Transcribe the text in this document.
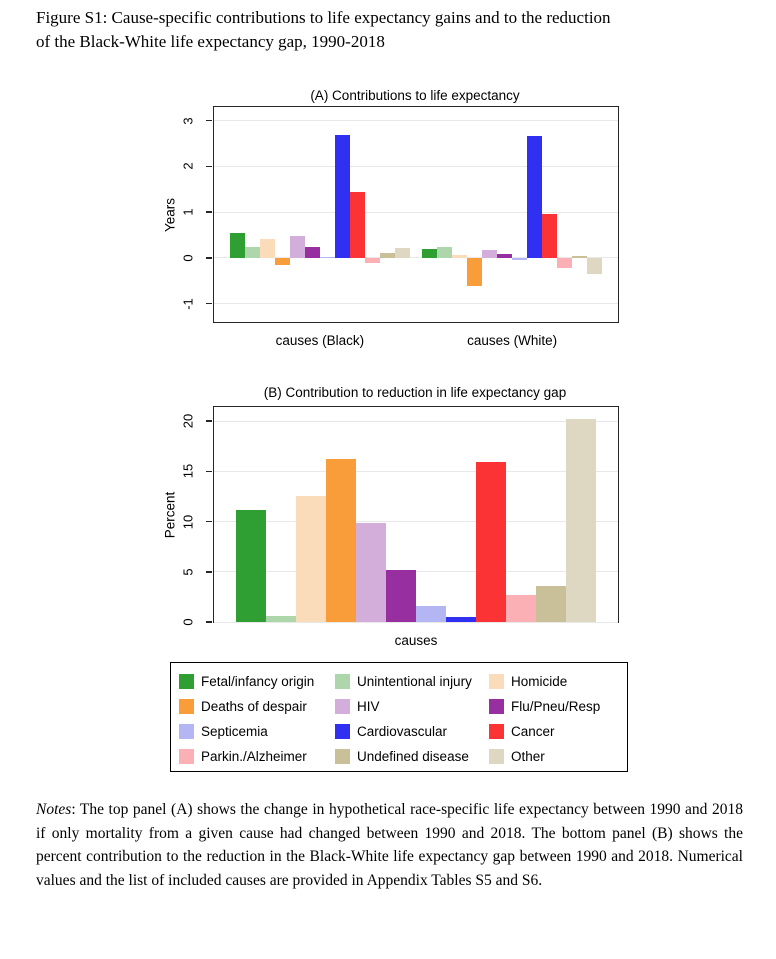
Figure S1: Cause-specific contributions to life expectancy gains and to the reduction
of the Black-White life expectancy gap, 1990-2018
(A) Contributions to life expectancy
3
2
1
0
-1
Years
causes (Black)	causes (White)
(B) Contribution to reduction in life expectancy gap
20
15
10
5
0
Percent
causes
Fetal/infancy origin	Unintentional injury	Homicide
Deaths of despair	HIV	Flu/Pneu/Resp
Septicemia	Cardiovascular	Cancer
Parkin./Alzheimer	Undefined disease	Other
Notes: The top panel (A) shows the change in hypothetical race-specific life expectancy between 1990 and 2018 if only mortality from a given cause had changed between 1990 and 2018. The bottom panel (B) shows the percent contribution to the reduction in the Black-White life expectancy gap between 1990 and 2018. Numerical values and the list of included causes are provided in Appendix Tables S5 and S6.
